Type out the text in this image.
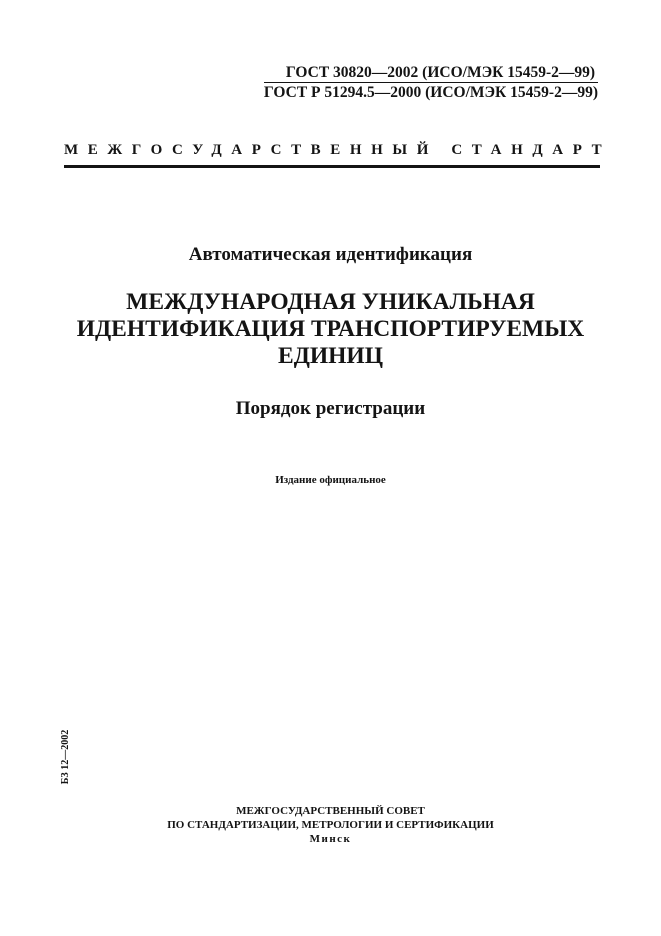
ГОСТ 30820—2002 (ИСО/МЭК 15459-2—99)
ГОСТ Р 51294.5—2000 (ИСО/МЭК 15459-2—99)
МЕЖГОСУДАРСТВЕННЫЙ СТАНДАРТ
Автоматическая идентификация
МЕЖДУНАРОДНАЯ УНИКАЛЬНАЯ
ИДЕНТИФИКАЦИЯ ТРАНСПОРТИРУЕМЫХ
ЕДИНИЦ
Порядок регистрации
Издание официальное
БЗ 12—2002
МЕЖГОСУДАРСТВЕННЫЙ СОВЕТ
ПО СТАНДАРТИЗАЦИИ, МЕТРОЛОГИИ И СЕРТИФИКАЦИИ
Минск
